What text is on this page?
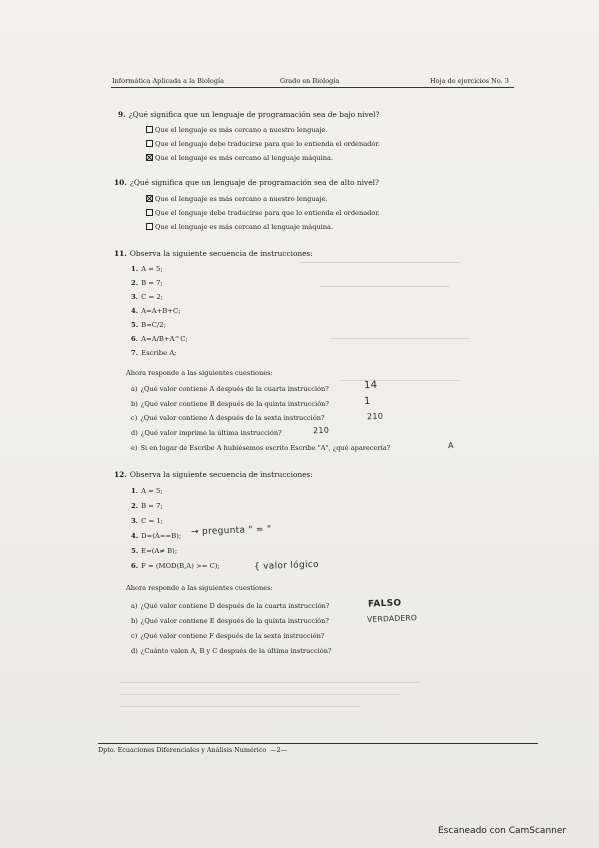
Informática Aplicada a la Biología	Grado en Biología	Hoja de ejercicios No. 3
9. ¿Qué significa que un lenguaje de programación sea de bajo nivel?
Que el lenguaje es más cercano a nuestro lenguaje.
Que el lenguaje debe traducirse para que lo entienda el ordenador.
Que el lenguaje es más cercano al lenguaje máquina.
10. ¿Qué significa que un lenguaje de programación sea de alto nivel?
Que el lenguaje es más cercano a nuestro lenguaje.
Que el lenguaje debe traducirse para que lo entienda el ordenador.
Que el lenguaje es más cercano al lenguaje máquina.
11. Observa la siguiente secuencia de instrucciones:
1. A = 5;
2. B = 7;
3. C = 2;
4. A=A+B+C;
5. B=C/2;
6. A=A/B+A^C;
7. Escribe A;
Ahora responde a las siguientes cuestiones:
a) ¿Qué valor contiene A después de la cuarta instrucción?	14
b) ¿Qué valor contiene B después de la quinta instrucción?	1
c) ¿Qué valor contiene A después de la sexta instrucción?	210
d) ¿Qué valor imprime la última instrucción?	210
e) Si en lugar de Escribe A hubiésemos escrito Escribe "A", ¿qué aparecería?	A
12. Observa la siguiente secuencia de instrucciones:
1. A = 5;
2. B = 7;
3. C = 1;
4. D=(A==B); → pregunta " = "
5. E=(A≠ B);
6. F = (MOD(B,A) >= C);	{ valor lógico
Ahora responde a las siguientes cuestiones:
a) ¿Qué valor contiene D después de la cuarta instrucción?	FALSO
b) ¿Qué valor contiene E después de la quinta instrucción?	VERDADERO
c) ¿Qué valor contiene F después de la sexta instrucción?
d) ¿Cuánto valen A, B y C después de la última instrucción?
Dpto. Ecuaciones Diferenciales y Análisis Numérico —2—
Escaneado con CamScanner
